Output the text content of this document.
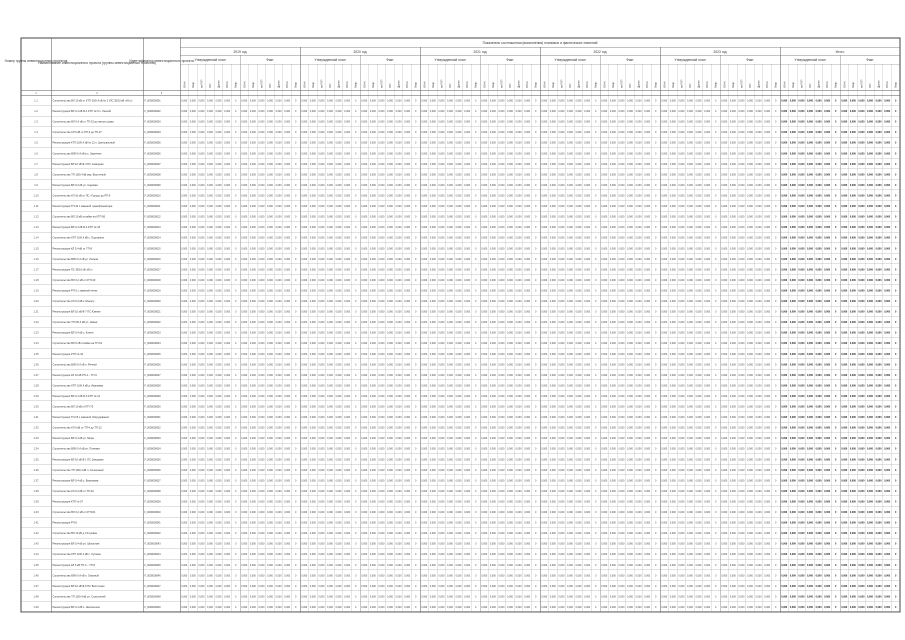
Номер группы инвестиционных проектов
Наименование инвестиционного проекта (группы инвестиционных проектов)
Идентификатор инвестиционного проекта
Показатель соотношения (выполнения) плановых и фактических значений
2019 год	2020 год	2021 год	2022 год	2023 год	Итого
Утвержденный план
МВ×А Мвар км ЛЭП МВт Другое МВ×А Мвар
Факт
МВ×А Мвар км ЛЭП МВт Другое МВ×А Мвар
Утвержденный план
МВ×А Мвар км ЛЭП МВт Другое МВ×А Мвар
Факт
МВ×А Мвар км ЛЭП МВт Другое МВ×А Мвар
Утвержденный план
МВ×А Мвар км ЛЭП МВт Другое МВ×А Мвар
Факт
МВ×А Мвар км ЛЭП МВт Другое МВ×А Мвар
Утвержденный план
МВ×А Мвар км ЛЭП МВт Другое МВ×А Мвар
Факт
МВ×А Мвар км ЛЭП МВт Другое МВ×А Мвар
Утвержденный план
МВ×А Мвар км ЛЭП МВт Другое МВ×А Мвар
Факт
МВ×А Мвар км ЛЭП МВт Другое МВ×А Мвар
Утвержденный план
МВ×А Мвар км ЛЭП МВт Другое МВ×А Мвар
Факт
МВ×А Мвар км ЛЭП МВт Другое МВ×А Мвар
1	2	3
1.1	Строительство ВЛ 10 кВ от КТП-10/0,4 кВ № 2 (ПС 35/10 кВ «Юг»)	F_0000000001	0,000 0,000 0,000 0,000 0,000 0,000 0 0,000 0,000 0,000 0,000 0,000 0,000 0 0,000 0,000 0,000 0,000 0,000 0,000 0 0,000 0,000 0,000 0,000 0,000 0,000 0 0,000 0,000 0,000 0,000 0,000 0,000 0 0,000 0,000 0,000 0,000 0,000 0,000 0 0,000 0,000 0,000 0,000 0,000 0,000 0 0,000 0,000 0,000 0,000 0,000 0,000 0 0,000 0,000 0,000 0,000 0,000 0,000 0 0,000 0,000 0,000 0,000 0,000 0,000 0 0,000 0,000 0,000 0,000 0,000 0,000 0 0,000 0,000 0,000 0,000 0,000 0,000 0
1.2	Реконструкция ВЛ 0,4 кВ Ф-1 КТП № 5 п. Лесной	F_0000000002	0,000 0,000 0,000 0,000 0,000 0,000 0 0,000 0,000 0,000 0,000 0,000 0,000 0 0,000 0,000 0,000 0,000 0,000 0,000 0 0,000 0,000 0,000 0,000 0,000 0,000 0 0,000 0,000 0,000 0,000 0,000 0,000 0 0,000 0,000 0,000 0,000 0,000 0,000 0 0,000 0,000 0,000 0,000 0,000 0,000 0 0,000 0,000 0,000 0,000 0,000 0,000 0 0,000 0,000 0,000 0,000 0,000 0,000 0 0,000 0,000 0,000 0,000 0,000 0,000 0 0,000 0,000 0,000 0,000 0,000 0,000 0 0,000 0,000 0,000 0,000 0,000 0,000 0
1.3	Строительство ВЛ 0,4 кВ от ТП-15 до жилого дома	F_0000000003	0,000 0,000 0,000 0,000 0,000 0,000 0 0,000 0,000 0,000 0,000 0,000 0,000 0 0,000 0,000 0,000 0,000 0,000 0,000 0 0,000 0,000 0,000 0,000 0,000 0,000 0 0,000 0,000 0,000 0,000 0,000 0,000 0 0,000 0,000 0,000 0,000 0,000 0,000 0 0,000 0,000 0,000 0,000 0,000 0,000 0 0,000 0,000 0,000 0,000 0,000 0,000 0 0,000 0,000 0,000 0,000 0,000 0,000 0 0,000 0,000 0,000 0,000 0,000 0,000 0 0,000 0,000 0,000 0,000 0,000 0,000 0 0,000 0,000 0,000 0,000 0,000 0,000 0
1.4	Строительство КЛ 6 кВ от РП-3 до ТП-27	F_0000000004	0,000 0,000 0,000 0,000 0,000 0,000 0 0,000 0,000 0,000 0,000 0,000 0,000 0 0,000 0,000 0,000 0,000 0,000 0,000 0 0,000 0,000 0,000 0,000 0,000 0,000 0 0,000 0,000 0,000 0,000 0,000 0,000 0 0,000 0,000 0,000 0,000 0,000 0,000 0 0,000 0,000 0,000 0,000 0,000 0,000 0 0,000 0,000 0,000 0,000 0,000 0,000 0 0,000 0,000 0,000 0,000 0,000 0,000 0 0,000 0,000 0,000 0,000 0,000 0,000 0 0,000 0,000 0,000 0,000 0,000 0,000 0 0,000 0,000 0,000 0,000 0,000 0,000 0
1.5	Реконструкция КТП-10/0,4 кВ № 12 п. Центральный	F_0000000005	0,000 0,000 0,000 0,000 0,000 0,000 0 0,000 0,000 0,000 0,000 0,000 0,000 0 0,000 0,000 0,000 0,000 0,000 0,000 0 0,000 0,000 0,000 0,000 0,000 0,000 0 0,000 0,000 0,000 0,000 0,000 0,000 0 0,000 0,000 0,000 0,000 0,000 0,000 0 0,000 0,000 0,000 0,000 0,000 0,000 0 0,000 0,000 0,000 0,000 0,000 0,000 0 0,000 0,000 0,000 0,000 0,000 0,000 0 0,000 0,000 0,000 0,000 0,000 0,000 0 0,000 0,000 0,000 0,000 0,000 0,000 0 0,000 0,000 0,000 0,000 0,000 0,000 0
1.6	Строительство ВЛИ 0,4 кВ в с. Заречное	F_0000000006	0,000 0,000 0,000 0,000 0,000 0,000 0 0,000 0,000 0,000 0,000 0,000 0,000 0 0,000 0,000 0,000 0,000 0,000 0,000 0 0,000 0,000 0,000 0,000 0,000 0,000 0 0,000 0,000 0,000 0,000 0,000 0,000 0 0,000 0,000 0,000 0,000 0,000 0,000 0 0,000 0,000 0,000 0,000 0,000 0,000 0 0,000 0,000 0,000 0,000 0,000 0,000 0 0,000 0,000 0,000 0,000 0,000 0,000 0 0,000 0,000 0,000 0,000 0,000 0,000 0 0,000 0,000 0,000 0,000 0,000 0,000 0 0,000 0,000 0,000 0,000 0,000 0,000 0
1.7	Реконструкция ВЛ 10 кВ Ф-4 ПС Северная	F_0000000007	0,000 0,000 0,000 0,000 0,000 0,000 0 0,000 0,000 0,000 0,000 0,000 0,000 0 0,000 0,000 0,000 0,000 0,000 0,000 0 0,000 0,000 0,000 0,000 0,000 0,000 0 0,000 0,000 0,000 0,000 0,000 0,000 0 0,000 0,000 0,000 0,000 0,000 0,000 0 0,000 0,000 0,000 0,000 0,000 0,000 0 0,000 0,000 0,000 0,000 0,000 0,000 0 0,000 0,000 0,000 0,000 0,000 0,000 0 0,000 0,000 0,000 0,000 0,000 0,000 0 0,000 0,000 0,000 0,000 0,000 0,000 0 0,000 0,000 0,000 0,000 0,000 0,000 0
1.8	Строительство ТП 10/0,4 кВ мкр. Восточный	F_0000000008	0,000 0,000 0,000 0,000 0,000 0,000 0 0,000 0,000 0,000 0,000 0,000 0,000 0 0,000 0,000 0,000 0,000 0,000 0,000 0 0,000 0,000 0,000 0,000 0,000 0,000 0 0,000 0,000 0,000 0,000 0,000 0,000 0 0,000 0,000 0,000 0,000 0,000 0,000 0 0,000 0,000 0,000 0,000 0,000 0,000 0 0,000 0,000 0,000 0,000 0,000 0,000 0 0,000 0,000 0,000 0,000 0,000 0,000 0 0,000 0,000 0,000 0,000 0,000 0,000 0 0,000 0,000 0,000 0,000 0,000 0,000 0 0,000 0,000 0,000 0,000 0,000 0,000 0
1.9	Реконструкция ВЛ 0,4 кВ ул. Садовая	F_0000000009	0,000 0,000 0,000 0,000 0,000 0,000 0 0,000 0,000 0,000 0,000 0,000 0,000 0 0,000 0,000 0,000 0,000 0,000 0,000 0 0,000 0,000 0,000 0,000 0,000 0,000 0 0,000 0,000 0,000 0,000 0,000 0,000 0 0,000 0,000 0,000 0,000 0,000 0,000 0 0,000 0,000 0,000 0,000 0,000 0,000 0 0,000 0,000 0,000 0,000 0,000 0,000 0 0,000 0,000 0,000 0,000 0,000 0,000 0 0,000 0,000 0,000 0,000 0,000 0,000 0 0,000 0,000 0,000 0,000 0,000 0,000 0 0,000 0,000 0,000 0,000 0,000 0,000 0
1.10	Строительство КЛ 10 кВ от ПС «Город» до РП-5	F_0000000010	0,000 0,000 0,000 0,000 0,000 0,000 0 0,000 0,000 0,000 0,000 0,000 0,000 0 0,000 0,000 0,000 0,000 0,000 0,000 0 0,000 0,000 0,000 0,000 0,000 0,000 0 0,000 0,000 0,000 0,000 0,000 0,000 0 0,000 0,000 0,000 0,000 0,000 0,000 0 0,000 0,000 0,000 0,000 0,000 0,000 0 0,000 0,000 0,000 0,000 0,000 0,000 0 0,000 0,000 0,000 0,000 0,000 0,000 0 0,000 0,000 0,000 0,000 0,000 0,000 0 0,000 0,000 0,000 0,000 0,000 0,000 0 0,000 0,000 0,000 0,000 0,000 0,000 0
1.11	Реконструкция ТП-42 с заменой трансформатора	F_0000000011	0,000 0,000 0,000 0,000 0,000 0,000 0 0,000 0,000 0,000 0,000 0,000 0,000 0 0,000 0,000 0,000 0,000 0,000 0,000 0 0,000 0,000 0,000 0,000 0,000 0,000 0 0,000 0,000 0,000 0,000 0,000 0,000 0 0,000 0,000 0,000 0,000 0,000 0,000 0 0,000 0,000 0,000 0,000 0,000 0,000 0 0,000 0,000 0,000 0,000 0,000 0,000 0 0,000 0,000 0,000 0,000 0,000 0,000 0 0,000 0,000 0,000 0,000 0,000 0,000 0 0,000 0,000 0,000 0,000 0,000 0,000 0 0,000 0,000 0,000 0,000 0,000 0,000 0
1.12	Строительство ВЛ 10 кВ отпайки на КТП-56	F_0000000012	0,000 0,000 0,000 0,000 0,000 0,000 0 0,000 0,000 0,000 0,000 0,000 0,000 0 0,000 0,000 0,000 0,000 0,000 0,000 0 0,000 0,000 0,000 0,000 0,000 0,000 0 0,000 0,000 0,000 0,000 0,000 0,000 0 0,000 0,000 0,000 0,000 0,000 0,000 0 0,000 0,000 0,000 0,000 0,000 0,000 0 0,000 0,000 0,000 0,000 0,000 0,000 0 0,000 0,000 0,000 0,000 0,000 0,000 0 0,000 0,000 0,000 0,000 0,000 0,000 0 0,000 0,000 0,000 0,000 0,000 0,000 0 0,000 0,000 0,000 0,000 0,000 0,000 0
1.13	Реконструкция ВЛ 0,4 кВ Ф-2 КТП № 18	F_0000000013	0,000 0,000 0,000 0,000 0,000 0,000 0 0,000 0,000 0,000 0,000 0,000 0,000 0 0,000 0,000 0,000 0,000 0,000 0,000 0 0,000 0,000 0,000 0,000 0,000 0,000 0 0,000 0,000 0,000 0,000 0,000 0,000 0 0,000 0,000 0,000 0,000 0,000 0,000 0 0,000 0,000 0,000 0,000 0,000 0,000 0 0,000 0,000 0,000 0,000 0,000 0,000 0 0,000 0,000 0,000 0,000 0,000 0,000 0 0,000 0,000 0,000 0,000 0,000 0,000 0 0,000 0,000 0,000 0,000 0,000 0,000 0 0,000 0,000 0,000 0,000 0,000 0,000 0
1.14	Строительство КТП 10/0,4 кВ с. Подгорное	F_0000000014	0,000 0,000 0,000 0,000 0,000 0,000 0 0,000 0,000 0,000 0,000 0,000 0,000 0 0,000 0,000 0,000 0,000 0,000 0,000 0 0,000 0,000 0,000 0,000 0,000 0,000 0 0,000 0,000 0,000 0,000 0,000 0,000 0 0,000 0,000 0,000 0,000 0,000 0,000 0 0,000 0,000 0,000 0,000 0,000 0,000 0 0,000 0,000 0,000 0,000 0,000 0,000 0 0,000 0,000 0,000 0,000 0,000 0,000 0 0,000 0,000 0,000 0,000 0,000 0,000 0 0,000 0,000 0,000 0,000 0,000 0,000 0 0,000 0,000 0,000 0,000 0,000 0,000 0
1.15	Реконструкция КЛ 0,4 кВ от ТП-8	F_0000000015	0,000 0,000 0,000 0,000 0,000 0,000 0 0,000 0,000 0,000 0,000 0,000 0,000 0 0,000 0,000 0,000 0,000 0,000 0,000 0 0,000 0,000 0,000 0,000 0,000 0,000 0 0,000 0,000 0,000 0,000 0,000 0,000 0 0,000 0,000 0,000 0,000 0,000 0,000 0 0,000 0,000 0,000 0,000 0,000 0,000 0 0,000 0,000 0,000 0,000 0,000 0,000 0 0,000 0,000 0,000 0,000 0,000 0,000 0 0,000 0,000 0,000 0,000 0,000 0,000 0 0,000 0,000 0,000 0,000 0,000 0,000 0 0,000 0,000 0,000 0,000 0,000 0,000 0
1.16	Строительство ВЛИ 0,4 кВ ул. Лесная	F_0000000016	0,000 0,000 0,000 0,000 0,000 0,000 0 0,000 0,000 0,000 0,000 0,000 0,000 0 0,000 0,000 0,000 0,000 0,000 0,000 0 0,000 0,000 0,000 0,000 0,000 0,000 0 0,000 0,000 0,000 0,000 0,000 0,000 0 0,000 0,000 0,000 0,000 0,000 0,000 0 0,000 0,000 0,000 0,000 0,000 0,000 0 0,000 0,000 0,000 0,000 0,000 0,000 0 0,000 0,000 0,000 0,000 0,000 0,000 0 0,000 0,000 0,000 0,000 0,000 0,000 0 0,000 0,000 0,000 0,000 0,000 0,000 0 0,000 0,000 0,000 0,000 0,000 0,000 0
1.17	Реконструкция ПС 35/10 кВ «Юг»	F_0000000017	0,000 0,000 0,000 0,000 0,000 0,000 0 0,000 0,000 0,000 0,000 0,000 0,000 0 0,000 0,000 0,000 0,000 0,000 0,000 0 0,000 0,000 0,000 0,000 0,000 0,000 0 0,000 0,000 0,000 0,000 0,000 0,000 0 0,000 0,000 0,000 0,000 0,000 0,000 0 0,000 0,000 0,000 0,000 0,000 0,000 0 0,000 0,000 0,000 0,000 0,000 0,000 0 0,000 0,000 0,000 0,000 0,000 0,000 0 0,000 0,000 0,000 0,000 0,000 0,000 0 0,000 0,000 0,000 0,000 0,000 0,000 0 0,000 0,000 0,000 0,000 0,000 0,000 0
1.18	Строительство ВЛ 0,4 кВ от КТП-33	F_0000000018	0,000 0,000 0,000 0,000 0,000 0,000 0 0,000 0,000 0,000 0,000 0,000 0,000 0 0,000 0,000 0,000 0,000 0,000 0,000 0 0,000 0,000 0,000 0,000 0,000 0,000 0 0,000 0,000 0,000 0,000 0,000 0,000 0 0,000 0,000 0,000 0,000 0,000 0,000 0 0,000 0,000 0,000 0,000 0,000 0,000 0 0,000 0,000 0,000 0,000 0,000 0,000 0 0,000 0,000 0,000 0,000 0,000 0,000 0 0,000 0,000 0,000 0,000 0,000 0,000 0 0,000 0,000 0,000 0,000 0,000 0,000 0 0,000 0,000 0,000 0,000 0,000 0,000 0
1.19	Реконструкция РП-2 с заменой ячеек	F_0000000019	0,000 0,000 0,000 0,000 0,000 0,000 0 0,000 0,000 0,000 0,000 0,000 0,000 0 0,000 0,000 0,000 0,000 0,000 0,000 0 0,000 0,000 0,000 0,000 0,000 0,000 0 0,000 0,000 0,000 0,000 0,000 0,000 0 0,000 0,000 0,000 0,000 0,000 0,000 0 0,000 0,000 0,000 0,000 0,000 0,000 0 0,000 0,000 0,000 0,000 0,000 0,000 0 0,000 0,000 0,000 0,000 0,000 0,000 0 0,000 0,000 0,000 0,000 0,000 0,000 0 0,000 0,000 0,000 0,000 0,000 0,000 0 0,000 0,000 0,000 0,000 0,000 0,000 0
1.20	Строительство КЛ 0,4 кВ к объекту	F_0000000020	0,000 0,000 0,000 0,000 0,000 0,000 0 0,000 0,000 0,000 0,000 0,000 0,000 0 0,000 0,000 0,000 0,000 0,000 0,000 0 0,000 0,000 0,000 0,000 0,000 0,000 0 0,000 0,000 0,000 0,000 0,000 0,000 0 0,000 0,000 0,000 0,000 0,000 0,000 0 0,000 0,000 0,000 0,000 0,000 0,000 0 0,000 0,000 0,000 0,000 0,000 0,000 0 0,000 0,000 0,000 0,000 0,000 0,000 0 0,000 0,000 0,000 0,000 0,000 0,000 0 0,000 0,000 0,000 0,000 0,000 0,000 0 0,000 0,000 0,000 0,000 0,000 0,000 0
1.21	Реконструкция ВЛ 10 кВ Ф-7 ПС Южная	F_0000000021	0,000 0,000 0,000 0,000 0,000 0,000 0 0,000 0,000 0,000 0,000 0,000 0,000 0 0,000 0,000 0,000 0,000 0,000 0,000 0 0,000 0,000 0,000 0,000 0,000 0,000 0 0,000 0,000 0,000 0,000 0,000 0,000 0 0,000 0,000 0,000 0,000 0,000 0,000 0 0,000 0,000 0,000 0,000 0,000 0,000 0 0,000 0,000 0,000 0,000 0,000 0,000 0 0,000 0,000 0,000 0,000 0,000 0,000 0 0,000 0,000 0,000 0,000 0,000 0,000 0 0,000 0,000 0,000 0,000 0,000 0,000 0 0,000 0,000 0,000 0,000 0,000 0,000 0
1.22	Строительство ТП 6/0,4 кВ ул. Новая	F_0000000022	0,000 0,000 0,000 0,000 0,000 0,000 0 0,000 0,000 0,000 0,000 0,000 0,000 0 0,000 0,000 0,000 0,000 0,000 0,000 0 0,000 0,000 0,000 0,000 0,000 0,000 0 0,000 0,000 0,000 0,000 0,000 0,000 0 0,000 0,000 0,000 0,000 0,000 0,000 0 0,000 0,000 0,000 0,000 0,000 0,000 0 0,000 0,000 0,000 0,000 0,000 0,000 0 0,000 0,000 0,000 0,000 0,000 0,000 0 0,000 0,000 0,000 0,000 0,000 0,000 0 0,000 0,000 0,000 0,000 0,000 0,000 0 0,000 0,000 0,000 0,000 0,000 0,000 0
1.23	Реконструкция ВЛ 0,4 кВ с. Ключи	F_0000000023	0,000 0,000 0,000 0,000 0,000 0,000 0 0,000 0,000 0,000 0,000 0,000 0,000 0 0,000 0,000 0,000 0,000 0,000 0,000 0 0,000 0,000 0,000 0,000 0,000 0,000 0 0,000 0,000 0,000 0,000 0,000 0,000 0 0,000 0,000 0,000 0,000 0,000 0,000 0 0,000 0,000 0,000 0,000 0,000 0,000 0 0,000 0,000 0,000 0,000 0,000 0,000 0 0,000 0,000 0,000 0,000 0,000 0,000 0 0,000 0,000 0,000 0,000 0,000 0,000 0 0,000 0,000 0,000 0,000 0,000 0,000 0 0,000 0,000 0,000 0,000 0,000 0,000 0
1.24	Строительство ВЛ 6 кВ отпайки на ТП-61	F_0000000024	0,000 0,000 0,000 0,000 0,000 0,000 0 0,000 0,000 0,000 0,000 0,000 0,000 0 0,000 0,000 0,000 0,000 0,000 0,000 0 0,000 0,000 0,000 0,000 0,000 0,000 0 0,000 0,000 0,000 0,000 0,000 0,000 0 0,000 0,000 0,000 0,000 0,000 0,000 0 0,000 0,000 0,000 0,000 0,000 0,000 0 0,000 0,000 0,000 0,000 0,000 0,000 0 0,000 0,000 0,000 0,000 0,000 0,000 0 0,000 0,000 0,000 0,000 0,000 0,000 0 0,000 0,000 0,000 0,000 0,000 0,000 0 0,000 0,000 0,000 0,000 0,000 0,000 0
1.25	Реконструкция КТП № 44	F_0000000025	0,000 0,000 0,000 0,000 0,000 0,000 0 0,000 0,000 0,000 0,000 0,000 0,000 0 0,000 0,000 0,000 0,000 0,000 0,000 0 0,000 0,000 0,000 0,000 0,000 0,000 0 0,000 0,000 0,000 0,000 0,000 0,000 0 0,000 0,000 0,000 0,000 0,000 0,000 0 0,000 0,000 0,000 0,000 0,000 0,000 0 0,000 0,000 0,000 0,000 0,000 0,000 0 0,000 0,000 0,000 0,000 0,000 0,000 0 0,000 0,000 0,000 0,000 0,000 0,000 0 0,000 0,000 0,000 0,000 0,000 0,000 0 0,000 0,000 0,000 0,000 0,000 0,000 0
1.26	Строительство ВЛИ 0,4 кВ п. Речной	F_0000000026	0,000 0,000 0,000 0,000 0,000 0,000 0 0,000 0,000 0,000 0,000 0,000 0,000 0 0,000 0,000 0,000 0,000 0,000 0,000 0 0,000 0,000 0,000 0,000 0,000 0,000 0 0,000 0,000 0,000 0,000 0,000 0,000 0 0,000 0,000 0,000 0,000 0,000 0,000 0 0,000 0,000 0,000 0,000 0,000 0,000 0 0,000 0,000 0,000 0,000 0,000 0,000 0 0,000 0,000 0,000 0,000 0,000 0,000 0 0,000 0,000 0,000 0,000 0,000 0,000 0 0,000 0,000 0,000 0,000 0,000 0,000 0 0,000 0,000 0,000 0,000 0,000 0,000 0
1.27	Реконструкция КЛ 10 кВ РП-1 – ТП-9	F_0000000027	0,000 0,000 0,000 0,000 0,000 0,000 0 0,000 0,000 0,000 0,000 0,000 0,000 0 0,000 0,000 0,000 0,000 0,000 0,000 0 0,000 0,000 0,000 0,000 0,000 0,000 0 0,000 0,000 0,000 0,000 0,000 0,000 0 0,000 0,000 0,000 0,000 0,000 0,000 0 0,000 0,000 0,000 0,000 0,000 0,000 0 0,000 0,000 0,000 0,000 0,000 0,000 0 0,000 0,000 0,000 0,000 0,000 0,000 0 0,000 0,000 0,000 0,000 0,000 0,000 0 0,000 0,000 0,000 0,000 0,000 0,000 0 0,000 0,000 0,000 0,000 0,000 0,000 0
1.28	Строительство КТП 10/0,4 кВ д. Ивановка	F_0000000028	0,000 0,000 0,000 0,000 0,000 0,000 0 0,000 0,000 0,000 0,000 0,000 0,000 0 0,000 0,000 0,000 0,000 0,000 0,000 0 0,000 0,000 0,000 0,000 0,000 0,000 0 0,000 0,000 0,000 0,000 0,000 0,000 0 0,000 0,000 0,000 0,000 0,000 0,000 0 0,000 0,000 0,000 0,000 0,000 0,000 0 0,000 0,000 0,000 0,000 0,000 0,000 0 0,000 0,000 0,000 0,000 0,000 0,000 0 0,000 0,000 0,000 0,000 0,000 0,000 0 0,000 0,000 0,000 0,000 0,000 0,000 0 0,000 0,000 0,000 0,000 0,000 0,000 0
1.29	Реконструкция ВЛ 0,4 кВ Ф-3 КТП № 21	F_0000000029	0,000 0,000 0,000 0,000 0,000 0,000 0 0,000 0,000 0,000 0,000 0,000 0,000 0 0,000 0,000 0,000 0,000 0,000 0,000 0 0,000 0,000 0,000 0,000 0,000 0,000 0 0,000 0,000 0,000 0,000 0,000 0,000 0 0,000 0,000 0,000 0,000 0,000 0,000 0 0,000 0,000 0,000 0,000 0,000 0,000 0 0,000 0,000 0,000 0,000 0,000 0,000 0 0,000 0,000 0,000 0,000 0,000 0,000 0 0,000 0,000 0,000 0,000 0,000 0,000 0 0,000 0,000 0,000 0,000 0,000 0,000 0 0,000 0,000 0,000 0,000 0,000 0,000 0
1.30	Строительство ВЛ 10 кВ к КТП-70	F_0000000030	0,000 0,000 0,000 0,000 0,000 0,000 0 0,000 0,000 0,000 0,000 0,000 0,000 0 0,000 0,000 0,000 0,000 0,000 0,000 0 0,000 0,000 0,000 0,000 0,000 0,000 0 0,000 0,000 0,000 0,000 0,000 0,000 0 0,000 0,000 0,000 0,000 0,000 0,000 0 0,000 0,000 0,000 0,000 0,000 0,000 0 0,000 0,000 0,000 0,000 0,000 0,000 0 0,000 0,000 0,000 0,000 0,000 0,000 0 0,000 0,000 0,000 0,000 0,000 0,000 0 0,000 0,000 0,000 0,000 0,000 0,000 0 0,000 0,000 0,000 0,000 0,000 0,000 0
1.31	Реконструкция ТП-15 с заменой оборудования	F_0000000031	0,000 0,000 0,000 0,000 0,000 0,000 0 0,000 0,000 0,000 0,000 0,000 0,000 0 0,000 0,000 0,000 0,000 0,000 0,000 0 0,000 0,000 0,000 0,000 0,000 0,000 0 0,000 0,000 0,000 0,000 0,000 0,000 0 0,000 0,000 0,000 0,000 0,000 0,000 0 0,000 0,000 0,000 0,000 0,000 0,000 0 0,000 0,000 0,000 0,000 0,000 0,000 0 0,000 0,000 0,000 0,000 0,000 0,000 0 0,000 0,000 0,000 0,000 0,000 0,000 0 0,000 0,000 0,000 0,000 0,000 0,000 0 0,000 0,000 0,000 0,000 0,000 0,000 0
1.32	Строительство КЛ 6 кВ от ТП-4 до ТП-12	F_0000000032	0,000 0,000 0,000 0,000 0,000 0,000 0 0,000 0,000 0,000 0,000 0,000 0,000 0 0,000 0,000 0,000 0,000 0,000 0,000 0 0,000 0,000 0,000 0,000 0,000 0,000 0 0,000 0,000 0,000 0,000 0,000 0,000 0 0,000 0,000 0,000 0,000 0,000 0,000 0 0,000 0,000 0,000 0,000 0,000 0,000 0 0,000 0,000 0,000 0,000 0,000 0,000 0 0,000 0,000 0,000 0,000 0,000 0,000 0 0,000 0,000 0,000 0,000 0,000 0,000 0 0,000 0,000 0,000 0,000 0,000 0,000 0 0,000 0,000 0,000 0,000 0,000 0,000 0
1.33	Реконструкция ВЛ 0,4 кВ ул. Мира	F_0000000033	0,000 0,000 0,000 0,000 0,000 0,000 0 0,000 0,000 0,000 0,000 0,000 0,000 0 0,000 0,000 0,000 0,000 0,000 0,000 0 0,000 0,000 0,000 0,000 0,000 0,000 0 0,000 0,000 0,000 0,000 0,000 0,000 0 0,000 0,000 0,000 0,000 0,000 0,000 0 0,000 0,000 0,000 0,000 0,000 0,000 0 0,000 0,000 0,000 0,000 0,000 0,000 0 0,000 0,000 0,000 0,000 0,000 0,000 0 0,000 0,000 0,000 0,000 0,000 0,000 0 0,000 0,000 0,000 0,000 0,000 0,000 0 0,000 0,000 0,000 0,000 0,000 0,000 0
1.34	Строительство ВЛИ 0,4 кВ ул. Полевая	F_0000000034	0,000 0,000 0,000 0,000 0,000 0,000 0 0,000 0,000 0,000 0,000 0,000 0,000 0 0,000 0,000 0,000 0,000 0,000 0,000 0 0,000 0,000 0,000 0,000 0,000 0,000 0 0,000 0,000 0,000 0,000 0,000 0,000 0 0,000 0,000 0,000 0,000 0,000 0,000 0 0,000 0,000 0,000 0,000 0,000 0,000 0 0,000 0,000 0,000 0,000 0,000 0,000 0 0,000 0,000 0,000 0,000 0,000 0,000 0 0,000 0,000 0,000 0,000 0,000 0,000 0 0,000 0,000 0,000 0,000 0,000 0,000 0 0,000 0,000 0,000 0,000 0,000 0,000 0
1.35	Реконструкция ВЛ 10 кВ Ф-1 ПС Западная	F_0000000035	0,000 0,000 0,000 0,000 0,000 0,000 0 0,000 0,000 0,000 0,000 0,000 0,000 0 0,000 0,000 0,000 0,000 0,000 0,000 0 0,000 0,000 0,000 0,000 0,000 0,000 0 0,000 0,000 0,000 0,000 0,000 0,000 0 0,000 0,000 0,000 0,000 0,000 0,000 0 0,000 0,000 0,000 0,000 0,000 0,000 0 0,000 0,000 0,000 0,000 0,000 0,000 0 0,000 0,000 0,000 0,000 0,000 0,000 0 0,000 0,000 0,000 0,000 0,000 0,000 0 0,000 0,000 0,000 0,000 0,000 0,000 0 0,000 0,000 0,000 0,000 0,000 0,000 0
1.36	Строительство ТП 10/0,4 кВ п. Солнечный	F_0000000036	0,000 0,000 0,000 0,000 0,000 0,000 0 0,000 0,000 0,000 0,000 0,000 0,000 0 0,000 0,000 0,000 0,000 0,000 0,000 0 0,000 0,000 0,000 0,000 0,000 0,000 0 0,000 0,000 0,000 0,000 0,000 0,000 0 0,000 0,000 0,000 0,000 0,000 0,000 0 0,000 0,000 0,000 0,000 0,000 0,000 0 0,000 0,000 0,000 0,000 0,000 0,000 0 0,000 0,000 0,000 0,000 0,000 0,000 0 0,000 0,000 0,000 0,000 0,000 0,000 0 0,000 0,000 0,000 0,000 0,000 0,000 0 0,000 0,000 0,000 0,000 0,000 0,000 0
1.37	Реконструкция ВЛ 0,4 кВ с. Березовка	F_0000000037	0,000 0,000 0,000 0,000 0,000 0,000 0 0,000 0,000 0,000 0,000 0,000 0,000 0 0,000 0,000 0,000 0,000 0,000 0,000 0 0,000 0,000 0,000 0,000 0,000 0,000 0 0,000 0,000 0,000 0,000 0,000 0,000 0 0,000 0,000 0,000 0,000 0,000 0,000 0 0,000 0,000 0,000 0,000 0,000 0,000 0 0,000 0,000 0,000 0,000 0,000 0,000 0 0,000 0,000 0,000 0,000 0,000 0,000 0 0,000 0,000 0,000 0,000 0,000 0,000 0 0,000 0,000 0,000 0,000 0,000 0,000 0 0,000 0,000 0,000 0,000 0,000 0,000 0
1.38	Строительство КЛ 0,4 кВ от ТП-19	F_0000000038	0,000 0,000 0,000 0,000 0,000 0,000 0 0,000 0,000 0,000 0,000 0,000 0,000 0 0,000 0,000 0,000 0,000 0,000 0,000 0 0,000 0,000 0,000 0,000 0,000 0,000 0 0,000 0,000 0,000 0,000 0,000 0,000 0 0,000 0,000 0,000 0,000 0,000 0,000 0 0,000 0,000 0,000 0,000 0,000 0,000 0 0,000 0,000 0,000 0,000 0,000 0,000 0 0,000 0,000 0,000 0,000 0,000 0,000 0 0,000 0,000 0,000 0,000 0,000 0,000 0 0,000 0,000 0,000 0,000 0,000 0,000 0 0,000 0,000 0,000 0,000 0,000 0,000 0
1.39	Реконструкция КТП № 57	F_0000000039	0,000 0,000 0,000 0,000 0,000 0,000 0 0,000 0,000 0,000 0,000 0,000 0,000 0 0,000 0,000 0,000 0,000 0,000 0,000 0 0,000 0,000 0,000 0,000 0,000 0,000 0 0,000 0,000 0,000 0,000 0,000 0,000 0 0,000 0,000 0,000 0,000 0,000 0,000 0 0,000 0,000 0,000 0,000 0,000 0,000 0 0,000 0,000 0,000 0,000 0,000 0,000 0 0,000 0,000 0,000 0,000 0,000 0,000 0 0,000 0,000 0,000 0,000 0,000 0,000 0 0,000 0,000 0,000 0,000 0,000 0,000 0 0,000 0,000 0,000 0,000 0,000 0,000 0
1.40	Строительство ВЛ 0,4 кВ от КТП-81	F_0000000040	0,000 0,000 0,000 0,000 0,000 0,000 0 0,000 0,000 0,000 0,000 0,000 0,000 0 0,000 0,000 0,000 0,000 0,000 0,000 0 0,000 0,000 0,000 0,000 0,000 0,000 0 0,000 0,000 0,000 0,000 0,000 0,000 0 0,000 0,000 0,000 0,000 0,000 0,000 0 0,000 0,000 0,000 0,000 0,000 0,000 0 0,000 0,000 0,000 0,000 0,000 0,000 0 0,000 0,000 0,000 0,000 0,000 0,000 0 0,000 0,000 0,000 0,000 0,000 0,000 0 0,000 0,000 0,000 0,000 0,000 0,000 0 0,000 0,000 0,000 0,000 0,000 0,000 0
1.41	Реконструкция РП-6	F_0000000041	0,000 0,000 0,000 0,000 0,000 0,000 0 0,000 0,000 0,000 0,000 0,000 0,000 0 0,000 0,000 0,000 0,000 0,000 0,000 0 0,000 0,000 0,000 0,000 0,000 0,000 0 0,000 0,000 0,000 0,000 0,000 0,000 0 0,000 0,000 0,000 0,000 0,000 0,000 0 0,000 0,000 0,000 0,000 0,000 0,000 0 0,000 0,000 0,000 0,000 0,000 0,000 0 0,000 0,000 0,000 0,000 0,000 0,000 0 0,000 0,000 0,000 0,000 0,000 0,000 0 0,000 0,000 0,000 0,000 0,000 0,000 0 0,000 0,000 0,000 0,000 0,000 0,000 0
1.42	Строительство ВЛ 10 кВ д. Петровка	F_0000000042	0,000 0,000 0,000 0,000 0,000 0,000 0 0,000 0,000 0,000 0,000 0,000 0,000 0 0,000 0,000 0,000 0,000 0,000 0,000 0 0,000 0,000 0,000 0,000 0,000 0,000 0 0,000 0,000 0,000 0,000 0,000 0,000 0 0,000 0,000 0,000 0,000 0,000 0,000 0 0,000 0,000 0,000 0,000 0,000 0,000 0 0,000 0,000 0,000 0,000 0,000 0,000 0 0,000 0,000 0,000 0,000 0,000 0,000 0 0,000 0,000 0,000 0,000 0,000 0,000 0 0,000 0,000 0,000 0,000 0,000 0,000 0 0,000 0,000 0,000 0,000 0,000 0,000 0
1.43	Реконструкция ВЛ 0,4 кВ ул. Школьная	F_0000000043	0,000 0,000 0,000 0,000 0,000 0,000 0 0,000 0,000 0,000 0,000 0,000 0,000 0 0,000 0,000 0,000 0,000 0,000 0,000 0 0,000 0,000 0,000 0,000 0,000 0,000 0 0,000 0,000 0,000 0,000 0,000 0,000 0 0,000 0,000 0,000 0,000 0,000 0,000 0 0,000 0,000 0,000 0,000 0,000 0,000 0 0,000 0,000 0,000 0,000 0,000 0,000 0 0,000 0,000 0,000 0,000 0,000 0,000 0 0,000 0,000 0,000 0,000 0,000 0,000 0 0,000 0,000 0,000 0,000 0,000 0,000 0 0,000 0,000 0,000 0,000 0,000 0,000 0
1.44	Строительство КТП 10/0,4 кВ с. Луговое	F_0000000044	0,000 0,000 0,000 0,000 0,000 0,000 0 0,000 0,000 0,000 0,000 0,000 0,000 0 0,000 0,000 0,000 0,000 0,000 0,000 0 0,000 0,000 0,000 0,000 0,000 0,000 0 0,000 0,000 0,000 0,000 0,000 0,000 0 0,000 0,000 0,000 0,000 0,000 0,000 0 0,000 0,000 0,000 0,000 0,000 0,000 0 0,000 0,000 0,000 0,000 0,000 0,000 0 0,000 0,000 0,000 0,000 0,000 0,000 0 0,000 0,000 0,000 0,000 0,000 0,000 0 0,000 0,000 0,000 0,000 0,000 0,000 0 0,000 0,000 0,000 0,000 0,000 0,000 0
1.45	Реконструкция КЛ 6 кВ ТП-3 – ТП-5	F_0000000045	0,000 0,000 0,000 0,000 0,000 0,000 0 0,000 0,000 0,000 0,000 0,000 0,000 0 0,000 0,000 0,000 0,000 0,000 0,000 0 0,000 0,000 0,000 0,000 0,000 0,000 0 0,000 0,000 0,000 0,000 0,000 0,000 0 0,000 0,000 0,000 0,000 0,000 0,000 0 0,000 0,000 0,000 0,000 0,000 0,000 0 0,000 0,000 0,000 0,000 0,000 0,000 0 0,000 0,000 0,000 0,000 0,000 0,000 0 0,000 0,000 0,000 0,000 0,000 0,000 0 0,000 0,000 0,000 0,000 0,000 0,000 0 0,000 0,000 0,000 0,000 0,000 0,000 0
1.46	Строительство ВЛИ 0,4 кВ п. Озерный	F_0000000046	0,000 0,000 0,000 0,000 0,000 0,000 0 0,000 0,000 0,000 0,000 0,000 0,000 0 0,000 0,000 0,000 0,000 0,000 0,000 0 0,000 0,000 0,000 0,000 0,000 0,000 0 0,000 0,000 0,000 0,000 0,000 0,000 0 0,000 0,000 0,000 0,000 0,000 0,000 0 0,000 0,000 0,000 0,000 0,000 0,000 0 0,000 0,000 0,000 0,000 0,000 0,000 0 0,000 0,000 0,000 0,000 0,000 0,000 0 0,000 0,000 0,000 0,000 0,000 0,000 0 0,000 0,000 0,000 0,000 0,000 0,000 0 0,000 0,000 0,000 0,000 0,000 0,000 0
1.47	Реконструкция ВЛ 10 кВ Ф-5 ПС Восточная	F_0000000047	0,000 0,000 0,000 0,000 0,000 0,000 0 0,000 0,000 0,000 0,000 0,000 0,000 0 0,000 0,000 0,000 0,000 0,000 0,000 0 0,000 0,000 0,000 0,000 0,000 0,000 0 0,000 0,000 0,000 0,000 0,000 0,000 0 0,000 0,000 0,000 0,000 0,000 0,000 0 0,000 0,000 0,000 0,000 0,000 0,000 0 0,000 0,000 0,000 0,000 0,000 0,000 0 0,000 0,000 0,000 0,000 0,000 0,000 0 0,000 0,000 0,000 0,000 0,000 0,000 0 0,000 0,000 0,000 0,000 0,000 0,000 0 0,000 0,000 0,000 0,000 0,000 0,000 0
1.48	Строительство ТП 10/0,4 кВ ул. Строителей	F_0000000048	0,000 0,000 0,000 0,000 0,000 0,000 0 0,000 0,000 0,000 0,000 0,000 0,000 0 0,000 0,000 0,000 0,000 0,000 0,000 0 0,000 0,000 0,000 0,000 0,000 0,000 0 0,000 0,000 0,000 0,000 0,000 0,000 0 0,000 0,000 0,000 0,000 0,000 0,000 0 0,000 0,000 0,000 0,000 0,000 0,000 0 0,000 0,000 0,000 0,000 0,000 0,000 0 0,000 0,000 0,000 0,000 0,000 0,000 0 0,000 0,000 0,000 0,000 0,000 0,000 0 0,000 0,000 0,000 0,000 0,000 0,000 0 0,000 0,000 0,000 0,000 0,000 0,000 0
1.49	Реконструкция ВЛ 0,4 кВ с. Никольское	F_0000000049	0,000 0,000 0,000 0,000 0,000 0,000 0 0,000 0,000 0,000 0,000 0,000 0,000 0 0,000 0,000 0,000 0,000 0,000 0,000 0 0,000 0,000 0,000 0,000 0,000 0,000 0 0,000 0,000 0,000 0,000 0,000 0,000 0 0,000 0,000 0,000 0,000 0,000 0,000 0 0,000 0,000 0,000 0,000 0,000 0,000 0 0,000 0,000 0,000 0,000 0,000 0,000 0 0,000 0,000 0,000 0,000 0,000 0,000 0 0,000 0,000 0,000 0,000 0,000 0,000 0 0,000 0,000 0,000 0,000 0,000 0,000 0 0,000 0,000 0,000 0,000 0,000 0,000 0
